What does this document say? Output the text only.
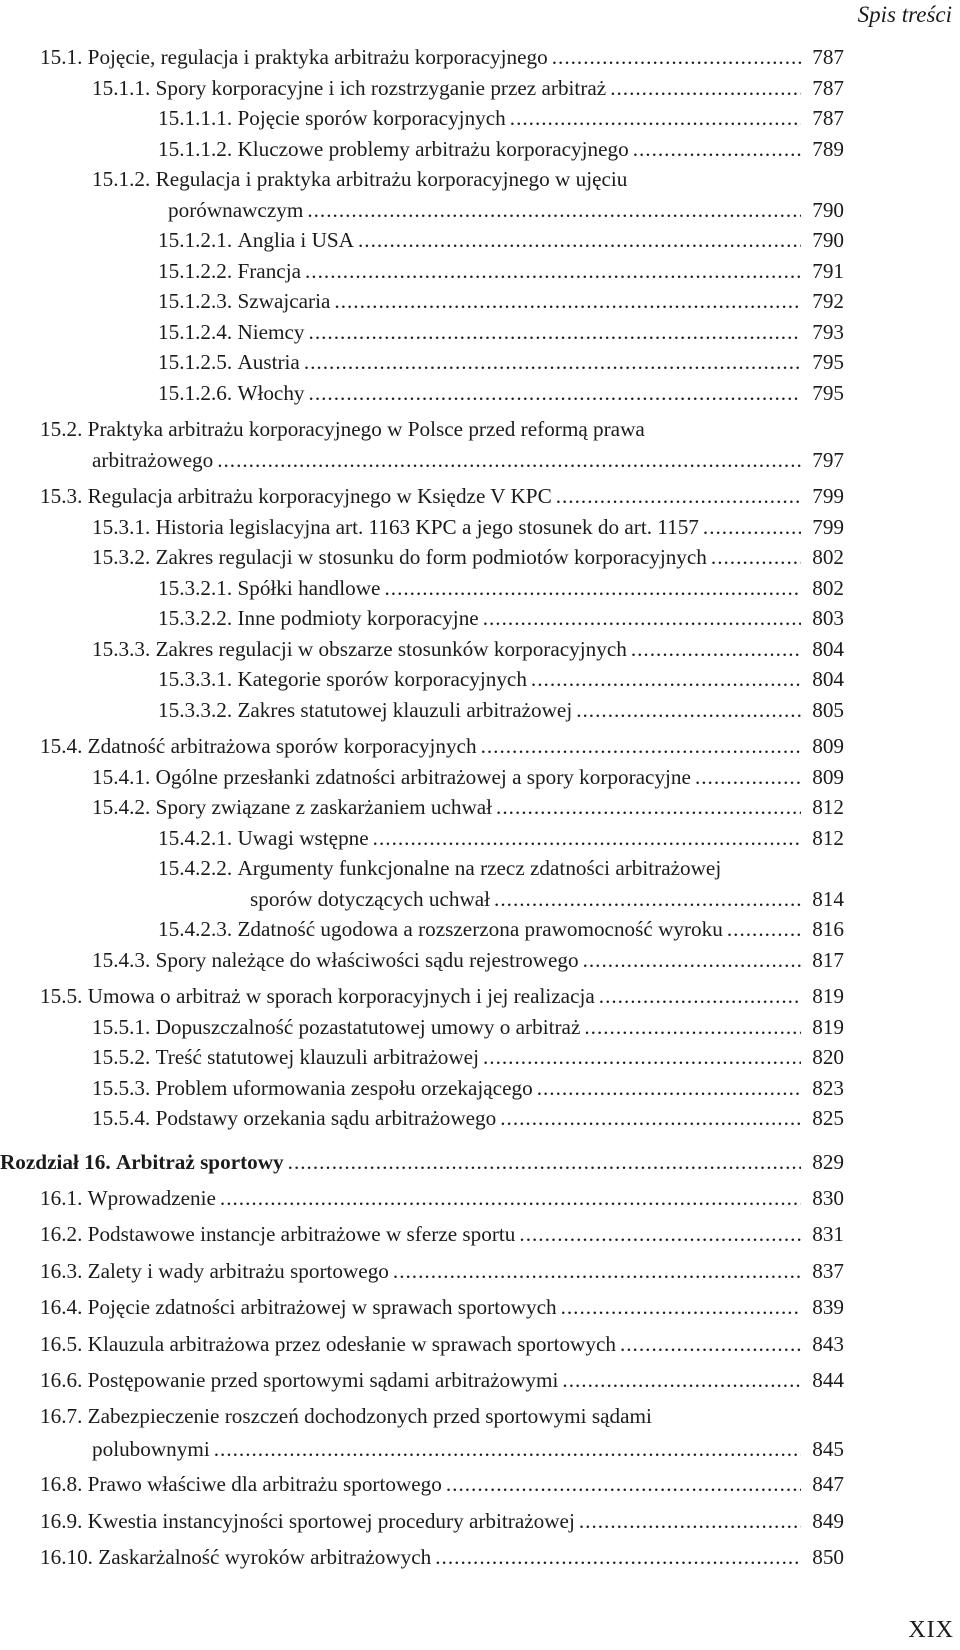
Spis treści
15.1.
Pojęcie, regulacja i praktyka arbitrażu korporacyjnego .....	787
15.1.1.
Spory korporacyjne i ich rozstrzyganie przez arbitraż .....	787
15.1.1.1.
Pojęcie sporów korporacyjnych .....	787
15.1.1.2.
Kluczowe problemy arbitrażu korporacyjnego .....	789
15.1.2.
Regulacja i praktyka arbitrażu korporacyjnego w ujęciu
porównawczym .....	790
15.1.2.1.
Anglia i USA .....	790
15.1.2.2.
Francja .....	791
15.1.2.3.
Szwajcaria .....	792
15.1.2.4.
Niemcy .....	793
15.1.2.5.
Austria .....	795
15.1.2.6.
Włochy .....	795
15.2.
Praktyka arbitrażu korporacyjnego w Polsce przed reformą prawa
arbitrażowego .....	797
15.3.
Regulacja arbitrażu korporacyjnego w Księdze V KPC .....	799
15.3.1.
Historia legislacyjna art. 1163 KPC a jego stosunek do art. 1157 .....	799
15.3.2.
Zakres regulacji w stosunku do form podmiotów korporacyjnych .....	802
15.3.2.1.
Spółki handlowe .....	802
15.3.2.2.
Inne podmioty korporacyjne .....	803
15.3.3.
Zakres regulacji w obszarze stosunków korporacyjnych .....	804
15.3.3.1.
Kategorie sporów korporacyjnych .....	804
15.3.3.2.
Zakres statutowej klauzuli arbitrażowej .....	805
15.4.
Zdatność arbitrażowa sporów korporacyjnych .....	809
15.4.1.
Ogólne przesłanki zdatności arbitrażowej a spory korporacyjne .....	809
15.4.2.
Spory związane z zaskarżaniem uchwał .....	812
15.4.2.1.
Uwagi wstępne .....	812
15.4.2.2.
Argumenty funkcjonalne na rzecz zdatności arbitrażowej
sporów dotyczących uchwał .....	814
15.4.2.3.
Zdatność ugodowa a rozszerzona prawomocność wyroku .....	816
15.4.3.
Spory należące do właściwości sądu rejestrowego .....	817
15.5.
Umowa o arbitraż w sporach korporacyjnych i jej realizacja .....	819
15.5.1.
Dopuszczalność pozastatutowej umowy o arbitraż .....	819
15.5.2.
Treść statutowej klauzuli arbitrażowej .....	820
15.5.3.
Problem uformowania zespołu orzekającego .....	823
15.5.4.
Podstawy orzekania sądu arbitrażowego .....	825
Rozdział 16.
Arbitraż sportowy .....	829
16.1.
Wprowadzenie .....	830
16.2.
Podstawowe instancje arbitrażowe w sferze sportu .....	831
16.3.
Zalety i wady arbitrażu sportowego .....	837
16.4.
Pojęcie zdatności arbitrażowej w sprawach sportowych .....	839
16.5.
Klauzula arbitrażowa przez odesłanie w sprawach sportowych .....	843
16.6.
Postępowanie przed sportowymi sądami arbitrażowymi .....	844
16.7.
Zabezpieczenie roszczeń dochodzonych przed sportowymi sądami
polubownymi .....	845
16.8.
Prawo właściwe dla arbitrażu sportowego .....	847
16.9.
Kwestia instancyjności sportowej procedury arbitrażowej .....	849
16.10.
Zaskarżalność wyroków arbitrażowych .....	850
XIX
